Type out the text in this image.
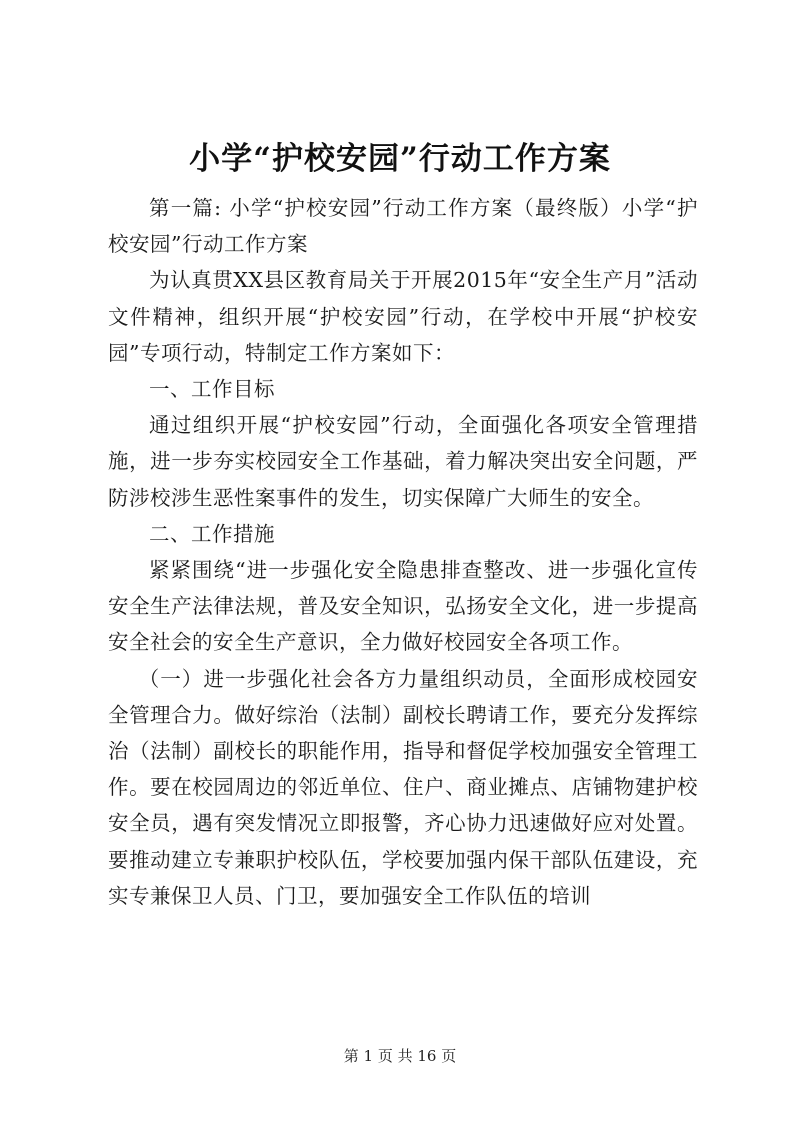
小学“护校安园”行动工作方案

第一篇: 小学“护校安园”行动工作方案（最终版）小学“护校安园”行动工作方案

为认真贯XX县区教育局关于开展2015年“安全生产月”活动文件精神，组织开展“护校安园”行动，在学校中开展“护校安园”专项行动，特制定工作方案如下：

一、工作目标

通过组织开展“护校安园”行动，全面强化各项安全管理措施，进一步夯实校园安全工作基础，着力解决突出安全问题，严防涉校涉生恶性案事件的发生，切实保障广大师生的安全。

二、工作措施

紧紧围绕“进一步强化安全隐患排查整改、进一步强化宣传安全生产法律法规，普及安全知识，弘扬安全文化，进一步提高安全社会的安全生产意识，全力做好校园安全各项工作。

（一）进一步强化社会各方力量组织动员，全面形成校园安全管理合力。做好综治（法制）副校长聘请工作，要充分发挥综治（法制）副校长的职能作用，指导和督促学校加强安全管理工作。要在校园周边的邻近单位、住户、商业摊点、店铺物建护校安全员，遇有突发情况立即报警，齐心协力迅速做好应对处置。要推动建立专兼职护校队伍，学校要加强内保干部队伍建设，充实专兼保卫人员、门卫，要加强安全工作队伍的培训

第 1 页 共 16 页
